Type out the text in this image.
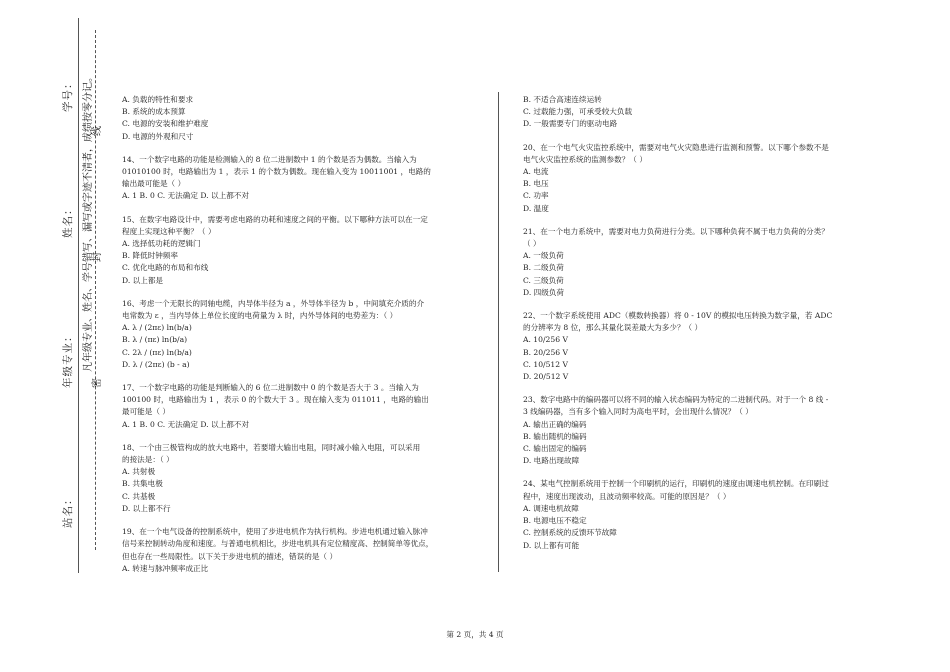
学号：
姓名：
年级专业：
站名：
凡年级专业、姓名、学号错写、漏写或字迹不清者，成绩按零分记。
线
封
密
A. 负载的特性和要求
B. 系统的成本预算
C. 电源的安装和维护难度
D. 电源的外观和尺寸
14、一个数字电路的功能是检测输入的 8 位二进制数中 1 的个数是否为偶数。当输入为
01010100 时，电路输出为 1 ，表示 1 的个数为偶数。现在输入变为 10011001 ，电路的
输出最可能是（ ）
A. 1 B. 0 C. 无法确定 D. 以上都不对
15、在数字电路设计中，需要考虑电路的功耗和速度之间的平衡。以下哪种方法可以在一定
程度上实现这种平衡？（ ）
A. 选择低功耗的逻辑门
B. 降低时钟频率
C. 优化电路的布局和布线
D. 以上都是
16、考虑一个无限长的同轴电缆，内导体半径为 a ，外导体半径为 b ，中间填充介质的介
电常数为 ε ，当内导体上单位长度的电荷量为 λ 时，内外导体间的电势差为：（ ）
A. λ / (2πε) ln(b/a)
B. λ / (πε) ln(b/a)
C. 2λ / (πε) ln(b/a)
D. λ / (2πε) (b - a)
17、一个数字电路的功能是判断输入的 6 位二进制数中 0 的个数是否大于 3 。当输入为
100100 时，电路输出为 1 ，表示 0 的个数大于 3 。现在输入变为 011011 ，电路的输出
最可能是（ ）
A. 1 B. 0 C. 无法确定 D. 以上都不对
18、一个由三极管构成的放大电路中，若要增大输出电阻，同时减小输入电阻，可以采用
的接法是：（ ）
A. 共射极
B. 共集电极
C. 共基极
D. 以上都不行
19、在一个电气设备的控制系统中，使用了步进电机作为执行机构。步进电机通过输入脉冲
信号来控制转动角度和速度。与普通电机相比，步进电机具有定位精度高、控制简单等优点，
但也存在一些局限性。以下关于步进电机的描述，错误的是（ ）
A. 转速与脉冲频率成正比
B. 不适合高速连续运转
C. 过载能力强，可承受较大负载
D. 一般需要专门的驱动电路
20、在一个电气火灾监控系统中，需要对电气火灾隐患进行监测和预警。以下哪个参数不是
电气火灾监控系统的监测参数？（ ）
A. 电流
B. 电压
C. 功率
D. 温度
21、在一个电力系统中，需要对电力负荷进行分类。以下哪种负荷不属于电力负荷的分类？
（ ）
A. 一级负荷
B. 二级负荷
C. 三级负荷
D. 四级负荷
22、一个数字系统使用 ADC（模数转换器）将 0 - 10V 的模拟电压转换为数字量，若 ADC
的分辨率为 8 位，那么其量化误差最大为多少？（ ）
A. 10/256 V
B. 20/256 V
C. 10/512 V
D. 20/512 V
23、数字电路中的编码器可以将不同的输入状态编码为特定的二进制代码。对于一个 8 线 -
3 线编码器，当有多个输入同时为高电平时，会出现什么情况？（ ）
A. 输出正确的编码
B. 输出随机的编码
C. 输出固定的编码
D. 电路出现故障
24、某电气控制系统用于控制一个印刷机的运行，印刷机的速度由调速电机控制。在印刷过
程中，速度出现波动，且波动频率较高。可能的原因是？（ ）
A. 调速电机故障
B. 电源电压不稳定
C. 控制系统的反馈环节故障
D. 以上都有可能
第 2 页，共 4 页
